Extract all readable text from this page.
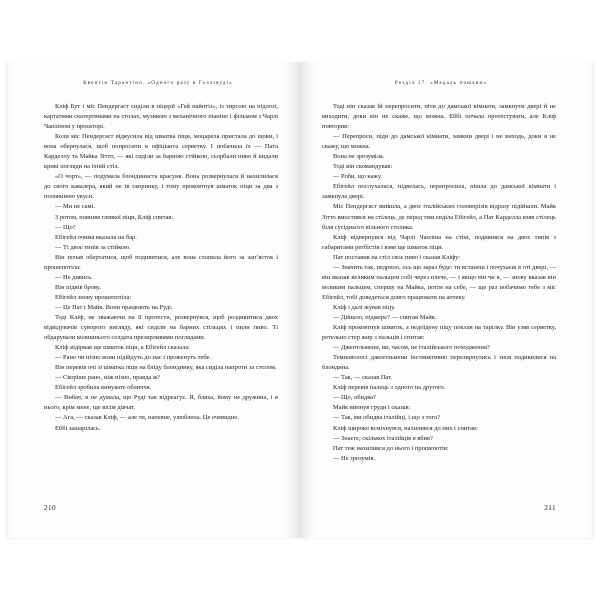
Квентін Тарантіно. «Одного разу в Голлівуді»

Кліф Бут і міс Пендергаст сиділи в піцерії «Гей найнтіз», із тирсою на підлозі, картатими скатертинами на столах, музикою з механічного піаніно і фільмом з Чарлі Чапліном у проєкторі.

Коли міс Пендергаст відкусила від шматка піци, моцарела пристала до щоки, і вона обернулася, щоб попросити в офіціанта серветку. І побачила їх — Пата Карделлу та Майка Зітто, — які сиділи за барною стійкою, сьорбали пиво й кидали криві погляди на їхній стіл.

«О чорт», — подумала блондиниста красуня. Вона розвернулася й нахилилася до свого кавалера, який не їв скоринку, і тому проковтнув шматок піци за два з половиною укуси.

— Ми не самі.

З ротом, повним глевкої піци, Кліф спитав:

— Що?

Ебігейл очима вказала на бар.

— Ті двоє типів за стійкою.

Він почав обертатися, щоб подивитися, але вона схопила його за зап’ясток і прошепотіла:

— Не дивись.

Він підвів брову.

Ебігейл знову прошепотіла:

— Це Пат і Майк. Вони працюють на Руді.

Тоді Кліф, не зважаючи на її протести, розвернувся, щоб роздивитися двох відвідувачів суворого вигляду, які сиділи на барних стільцях і пили пиво. Ті обдарували колишнього солдата презирливими поглядами.

Кліф відірвав ще шматок піци, а Ебігейл сказала:

— Рано чи пізно вони підійдуть до нас і проженуть тебе.

Він перевів очі зі шматка піци на бліду блондинку, яка сиділа напроти за столом.

— Скоріше рано, ніж пізно, правда ж?

Ебігейл зробила винувате обличчя.

— Вибач, я не думала, що Руді так відреагує. Я, бляха, йому не дружина, і в нього, крім мене, ще вісім дівчат.

— Ага, — сказав Кліф, — але ти, напевне, улюблена. Це очевидно.

Еббі зашарілась.

210
Розділ 17. «Медаль пошани»

Тоді він сказав їй перепросити, піти до дамської кімнати, замкнути двері й не виходити, доки він не скаже, що можна. Еббі почала протестувати, але Кліф повторив:

— Перепроси, піди до дамської кімнати, замкни двері і не виходь, доки я не скажу, що можна.

Вона не зрозуміла.

Тоді він скомандував:

— Роби, що кажу.

Ебігейл послухалася, підвелась, перепросила, пішла до дамської кімнати і замкнула двері.

Міс Пендергаст вийшла, а двоє італійських головорізів відразу підійшли. Майк Зітто вмостився на стілець, де перед тим сиділа Ебігейл, а Пат Карделла взяв стілець біля сусіднього вільного столика.

Кліф відвернувся від Чарлі Чапліна на стіні, подивився на двох типів з габаритами регбістів і взяв ще шматок піци.

Пат поставив на стіл своє пиво і сказав Кліфу:

— Значить так, педрило, ось що зараз буде: ти встанеш і почухаєш в оті двері, — він вказав великим пальцем собі через плече, — і якщо він чи я, — знову вказав він великим пальцем, спершу на Майка, потім на себе, — ще раз побачимо тебе з міс Ебігейл, тобі доведеться довго працювати на аптеку.

Кліф і далі жував піцу.

— Дійшло, піджере? — спитав Майк.

Кліф проковтнув шматок, а недоїдену піцу поклав на тарілку. Він узяв серветку, ретельно стер жир з пальців і спитав:

— Джентльмени, ви, часом, не італійського походження?

Темноволосі джентльмени інстинктивно перезирнулись і знов подивилися на блондина.

— Так, — сказав Пат.

Кліф перевів палець з одного на другого.

— Що, обидва?

Майк випнув груди і сказав:

— Так, ми обидва італійці, і що з того?

Кліф широко всміхнувся, нахилився до них і спитав:

— Знаєте, скількох італійців я вбив?

Пат теж нахилився до нього і прошепотів:

— Не зрозумів.

211
